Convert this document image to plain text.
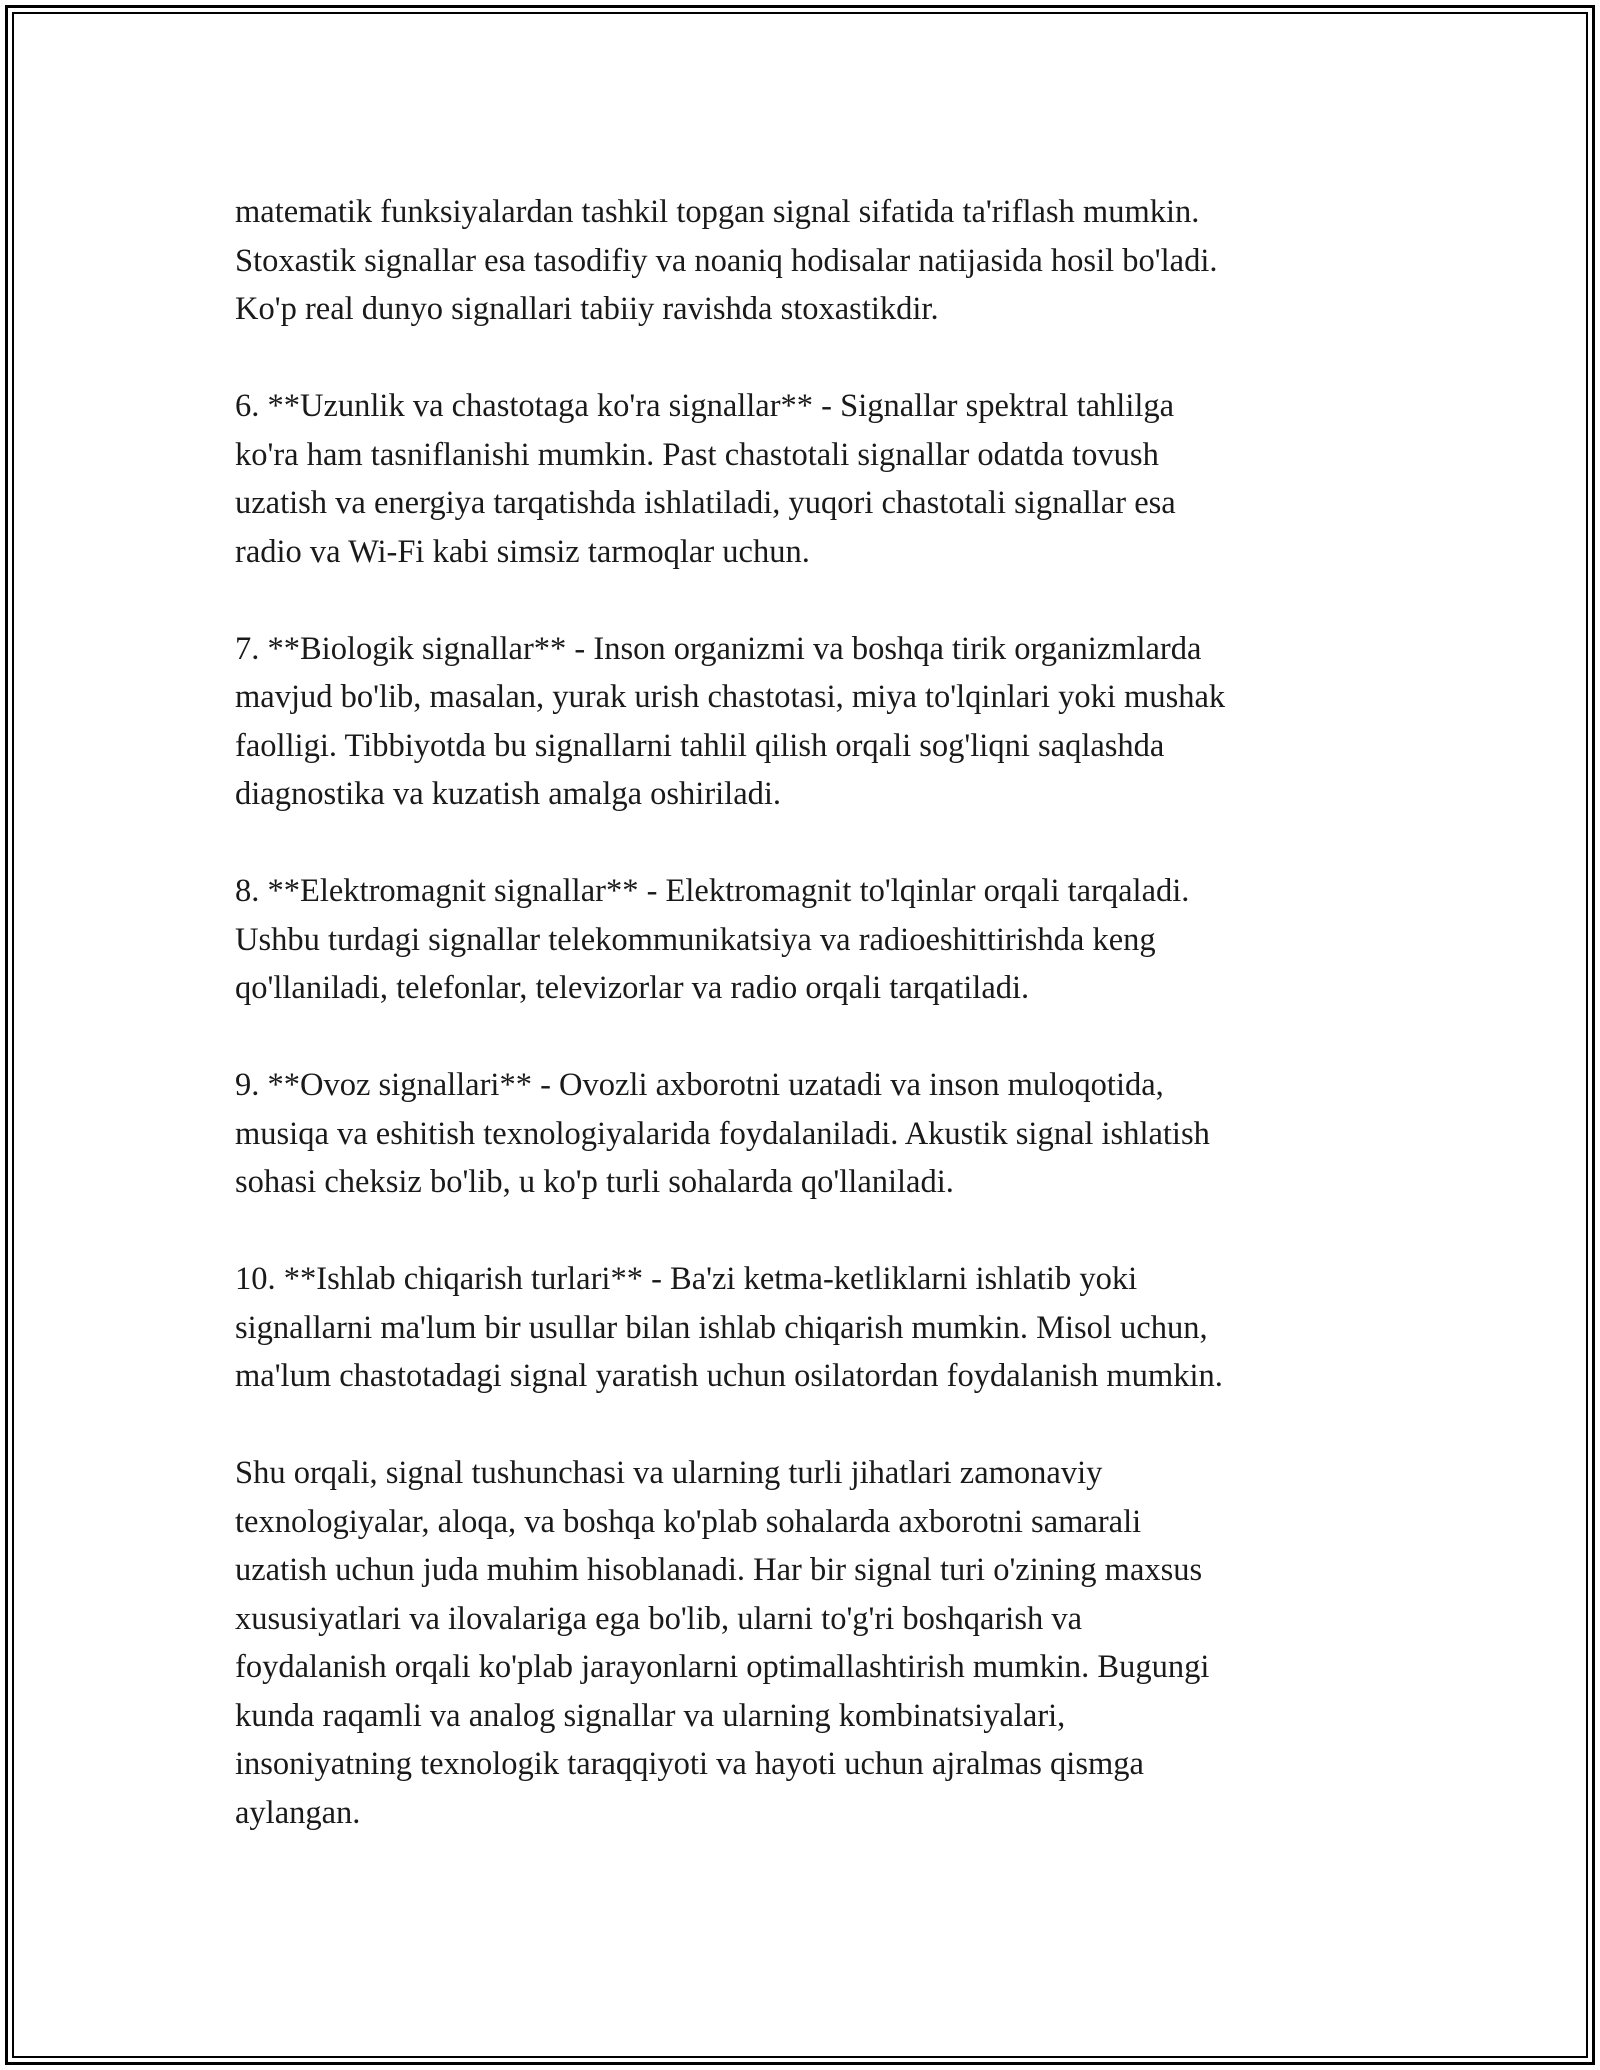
matematik funksiyalardan tashkil topgan signal sifatida ta'riflash mumkin.
Stoxastik signallar esa tasodifiy va noaniq hodisalar natijasida hosil bo'ladi.
Ko'p real dunyo signallari tabiiy ravishda stoxastikdir.

6. **Uzunlik va chastotaga ko'ra signallar** - Signallar spektral tahlilga
ko'ra ham tasniflanishi mumkin. Past chastotali signallar odatda tovush
uzatish va energiya tarqatishda ishlatiladi, yuqori chastotali signallar esa
radio va Wi-Fi kabi simsiz tarmoqlar uchun.

7. **Biologik signallar** - Inson organizmi va boshqa tirik organizmlarda
mavjud bo'lib, masalan, yurak urish chastotasi, miya to'lqinlari yoki mushak
faolligi. Tibbiyotda bu signallarni tahlil qilish orqali sog'liqni saqlashda
diagnostika va kuzatish amalga oshiriladi.

8. **Elektromagnit signallar** - Elektromagnit to'lqinlar orqali tarqaladi.
Ushbu turdagi signallar telekommunikatsiya va radioeshittirishda keng
qo'llaniladi, telefonlar, televizorlar va radio orqali tarqatiladi.

9. **Ovoz signallari** - Ovozli axborotni uzatadi va inson muloqotida,
musiqa va eshitish texnologiyalarida foydalaniladi. Akustik signal ishlatish
sohasi cheksiz bo'lib, u ko'p turli sohalarda qo'llaniladi.

10. **Ishlab chiqarish turlari** - Ba'zi ketma-ketliklarni ishlatib yoki
signallarni ma'lum bir usullar bilan ishlab chiqarish mumkin. Misol uchun,
ma'lum chastotadagi signal yaratish uchun osilatordan foydalanish mumkin.

Shu orqali, signal tushunchasi va ularning turli jihatlari zamonaviy
texnologiyalar, aloqa, va boshqa ko'plab sohalarda axborotni samarali
uzatish uchun juda muhim hisoblanadi. Har bir signal turi o'zining maxsus
xususiyatlari va ilovalariga ega bo'lib, ularni to'g'ri boshqarish va
foydalanish orqali ko'plab jarayonlarni optimallashtirish mumkin. Bugungi
kunda raqamli va analog signallar va ularning kombinatsiyalari,
insoniyatning texnologik taraqqiyoti va hayoti uchun ajralmas qismga
aylangan.
